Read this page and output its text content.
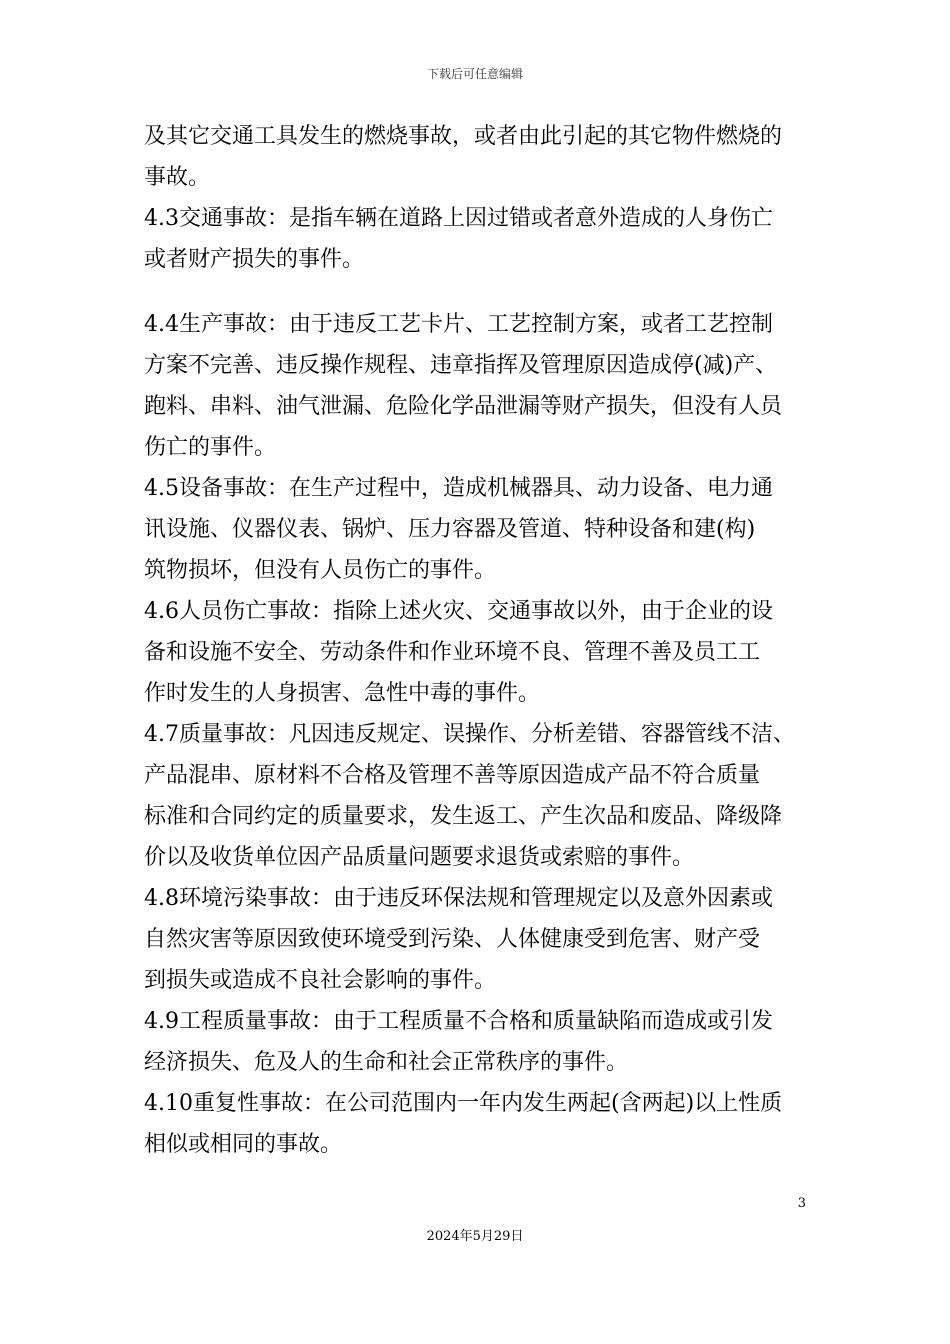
下载后可任意编辑

及其它交通工具发生的燃烧事故，或者由此引起的其它物件燃烧的
事故。

4.3交通事故：是指车辆在道路上因过错或者意外造成的人身伤亡
或者财产损失的事件。

4.4生产事故：由于违反工艺卡片、工艺控制方案，或者工艺控制
方案不完善、违反操作规程、违章指挥及管理原因造成停(减)产、
跑料、串料、油气泄漏、危险化学品泄漏等财产损失，但没有人员
伤亡的事件。

4.5设备事故：在生产过程中，造成机械器具、动力设备、电力通
讯设施、仪器仪表、锅炉、压力容器及管道、特种设备和建(构)
筑物损坏，但没有人员伤亡的事件。

4.6人员伤亡事故：指除上述火灾、交通事故以外，由于企业的设
备和设施不安全、劳动条件和作业环境不良、管理不善及员工工
作时发生的人身损害、急性中毒的事件。

4.7质量事故：凡因违反规定、误操作、分析差错、容器管线不洁、
产品混串、原材料不合格及管理不善等原因造成产品不符合质量
标准和合同约定的质量要求，发生返工、产生次品和废品、降级降
价以及收货单位因产品质量问题要求退货或索赔的事件。

4.8环境污染事故：由于违反环保法规和管理规定以及意外因素或
自然灾害等原因致使环境受到污染、人体健康受到危害、财产受
到损失或造成不良社会影响的事件。

4.9工程质量事故：由于工程质量不合格和质量缺陷而造成或引发
经济损失、危及人的生命和社会正常秩序的事件。

4.10重复性事故：在公司范围内一年内发生两起(含两起)以上性质
相似或相同的事故。

3
2024年5月29日
